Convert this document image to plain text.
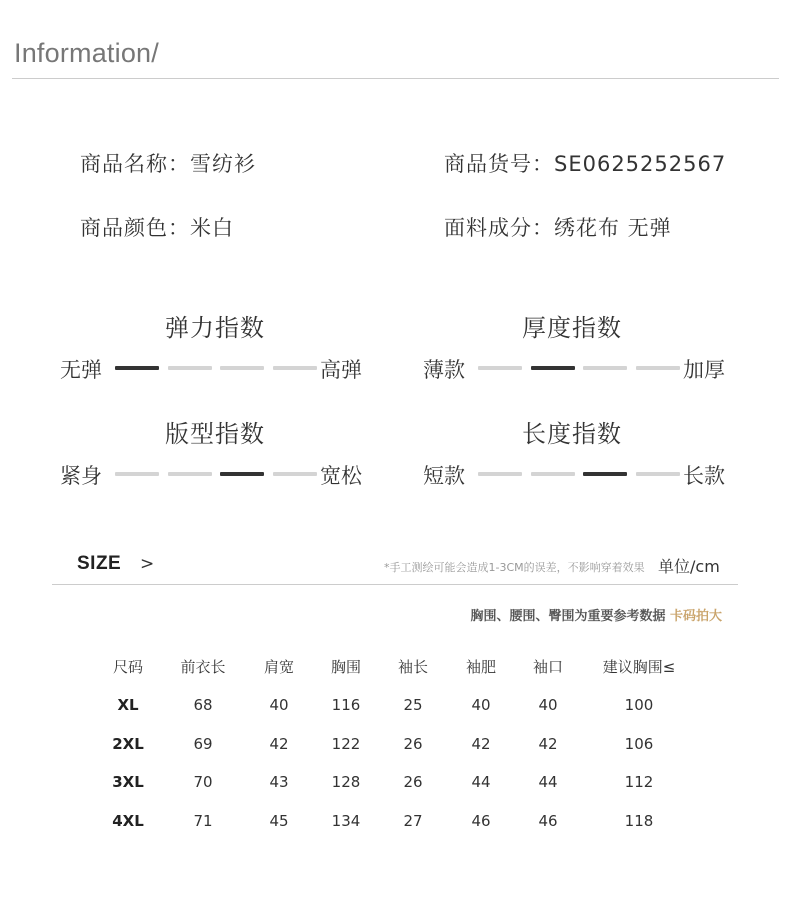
Information/
商品名称：雪纺衫	商品货号：SE0625252567
商品颜色：米白	面料成分：绣花布 无弹
弹力指数
无弹	高弹
厚度指数
薄款	加厚
版型指数
紧身	宽松
长度指数
短款	长款
SIZE >	*手工测绘可能会造成1-3CM的误差，不影响穿着效果 单位/cm
胸围、腰围、臀围为重要参考数据 卡码拍大
尺码	前衣长	肩宽	胸围	袖长	袖肥	袖口	建议胸围≤
XL	68	40	116	25	40	40	100
2XL	69	42	122	26	42	42	106
3XL	70	43	128	26	44	44	112
4XL	71	45	134	27	46	46	118
